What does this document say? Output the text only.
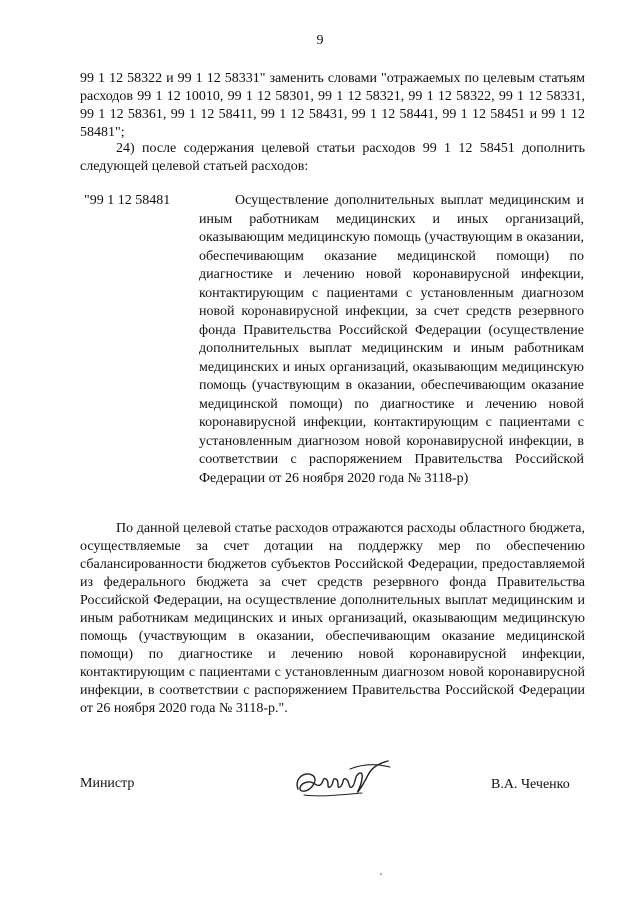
9
99 1 12 58322 и 99 1 12 58331" заменить словами "отражаемых по целевым статьям расходов 99 1 12 10010, 99 1 12 58301, 99 1 12 58321, 99 1 12 58322, 99 1 12 58331, 99 1 12 58361, 99 1 12 58411, 99 1 12 58431, 99 1 12 58441, 99 1 12 58451 и 99 1 12 58481";
24) после содержания целевой статьи расходов 99 1 12 58451 дополнить следующей целевой статьей расходов:
"99 1 12 58481	Осуществление дополнительных выплат медицинским и иным работникам медицинских и иных организаций, оказывающим медицинскую помощь (участвующим в оказании, обеспечивающим оказание медицинской помощи) по диагностике и лечению новой коронавирусной инфекции, контактирующим с пациентами с установленным диагнозом новой коронавирусной инфекции, за счет средств резервного фонда Правительства Российской Федерации (осуществление дополнительных выплат медицинским и иным работникам медицинских и иных организаций, оказывающим медицинскую помощь (участвующим в оказании, обеспечивающим оказание медицинской помощи) по диагностике и лечению новой коронавирусной инфекции, контактирующим с пациентами с установленным диагнозом новой коронавирусной инфекции, в соответствии с распоряжением Правительства Российской Федерации от 26 ноября 2020 года № 3118-р)
По данной целевой статье расходов отражаются расходы областного бюджета, осуществляемые за счет дотации на поддержку мер по обеспечению сбалансированности бюджетов субъектов Российской Федерации, предоставляемой из федерального бюджета за счет средств резервного фонда Правительства Российской Федерации, на осуществление дополнительных выплат медицинским и иным работникам медицинских и иных организаций, оказывающим медицинскую помощь (участвующим в оказании, обеспечивающим оказание медицинской помощи) по диагностике и лечению новой коронавирусной инфекции, контактирующим с пациентами с установленным диагнозом новой коронавирусной инфекции, в соответствии с распоряжением Правительства Российской Федерации от 26 ноября 2020 года № 3118-р.".
Министр	В.А. Чеченко
